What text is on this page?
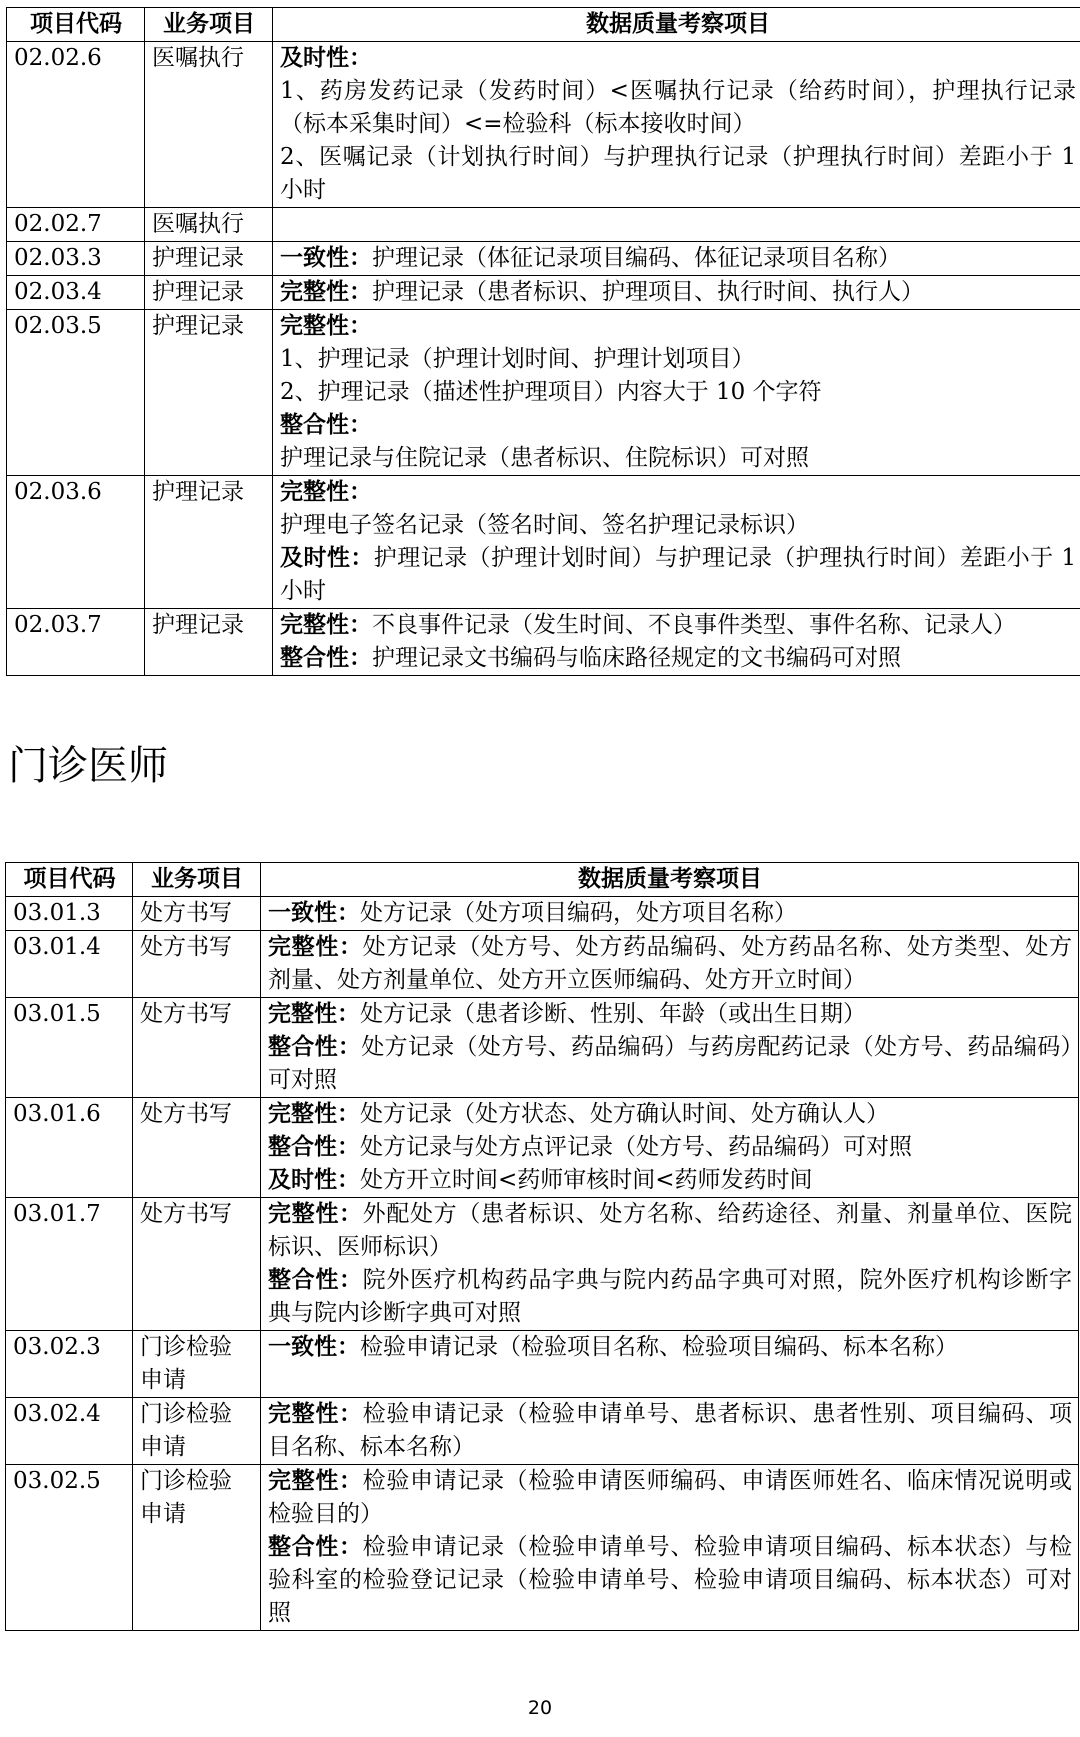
项目代码	业务项目	数据质量考察项目
02.02.6	医嘱执行	及时性：
1、药房发药记录（发药时间）<医嘱执行记录（给药时间），护理执行记录（标本采集时间）<=检验科（标本接收时间）
2、医嘱记录（计划执行时间）与护理执行记录（护理执行时间）差距小于 1 小时

02.02.7	医嘱执行	
02.03.3	护理记录	一致性：护理记录（体征记录项目编码、体征记录项目名称）

02.03.4	护理记录	完整性：护理记录（患者标识、护理项目、执行时间、执行人）

02.03.5	护理记录	完整性：
1、护理记录（护理计划时间、护理计划项目）
2、护理记录（描述性护理项目）内容大于 10 个字符
整合性：
护理记录与住院记录（患者标识、住院标识）可对照

02.03.6	护理记录	完整性：
护理电子签名记录（签名时间、签名护理记录标识）
及时性：护理记录（护理计划时间）与护理记录（护理执行时间）差距小于 1 小时

02.03.7	护理记录	完整性：不良事件记录（发生时间、不良事件类型、事件名称、记录人）
整合性：护理记录文书编码与临床路径规定的文书编码可对照
门诊医师
项目代码	业务项目	数据质量考察项目
03.01.3	处方书写	一致性：处方记录（处方项目编码，处方项目名称）

03.01.4	处方书写	完整性：处方记录（处方号、处方药品编码、处方药品名称、处方类型、处方剂量、处方剂量单位、处方开立医师编码、处方开立时间）

03.01.5	处方书写	完整性：处方记录（患者诊断、性别、年龄（或出生日期）
整合性：处方记录（处方号、药品编码）与药房配药记录（处方号、药品编码）可对照

03.01.6	处方书写	完整性：处方记录（处方状态、处方确认时间、处方确认人）
整合性：处方记录与处方点评记录（处方号、药品编码）可对照
及时性：处方开立时间<药师审核时间<药师发药时间

03.01.7	处方书写	完整性：外配处方（患者标识、处方名称、给药途径、剂量、剂量单位、医院标识、医师标识）
整合性：院外医疗机构药品字典与院内药品字典可对照，院外医疗机构诊断字典与院内诊断字典可对照

03.02.3	门诊检验申请	一致性：检验申请记录（检验项目名称、检验项目编码、标本名称）

03.02.4	门诊检验申请	完整性：检验申请记录（检验申请单号、患者标识、患者性别、项目编码、项目名称、标本名称）

03.02.5	门诊检验申请	完整性：检验申请记录（检验申请医师编码、申请医师姓名、临床情况说明或检验目的）
整合性：检验申请记录（检验申请单号、检验申请项目编码、标本状态）与检验科室的检验登记记录（检验申请单号、检验申请项目编码、标本状态）可对照
20
